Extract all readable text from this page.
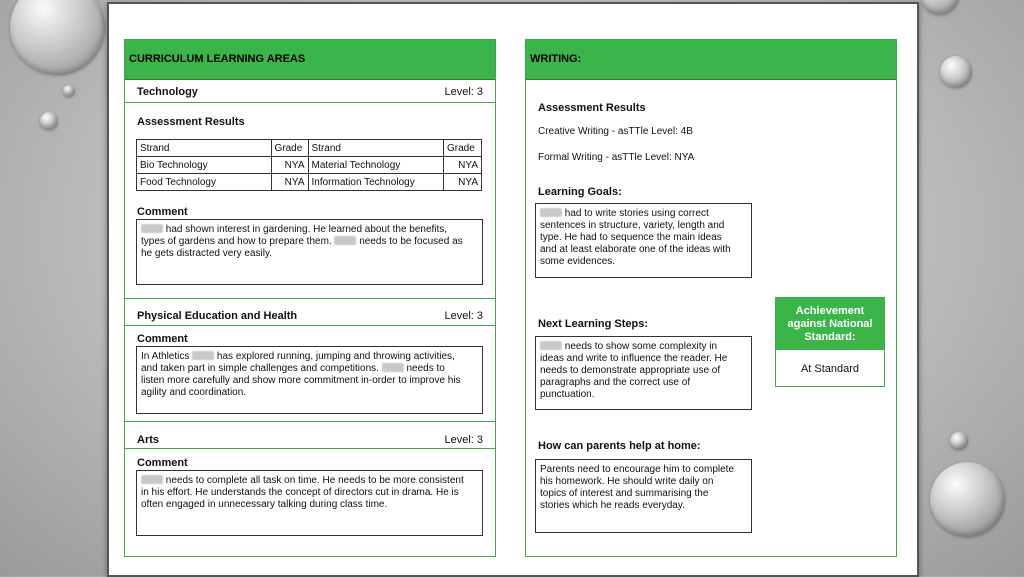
CURRICULUM LEARNING AREAS
Technology	Level: 3
Assessment Results
Strand	Grade	Strand	Grade
Bio Technology	NYA	Material Technology	NYA
Food Technology	NYA	Information Technology	NYA
Comment
had shown interest in gardening. He learned about the benefits,
types of gardens and how to prepare them.  needs to be focused as
he gets distracted very easily.
Physical Education and Health	Level: 3
Comment
In Athletics  has explored running, jumping and throwing activities,
and taken part in simple challenges and competitions.  needs to
listen more carefully and show more commitment in-order to improve his
agility and coordination.
Arts	Level: 3
Comment
needs to complete all task on time. He needs to be more consistent
in his effort. He understands the concept of directors cut in drama. He is
often engaged in unnecessary talking during class time.
WRITING:
Assessment Results
Creative Writing - asTTle Level: 4B
Formal Writing - asTTle Level: NYA
Learning Goals:
had to write stories using correct
sentences in structure, variety, length and
type. He had to sequence the main ideas
and at least elaborate one of the ideas with
some evidences.
Next Learning Steps:
needs to show some complexity in
ideas and write to influence the reader. He
needs to demonstrate appropriate use of
paragraphs and the correct use of
punctuation.
How can parents help at home:
Parents need to encourage him to complete
his homework. He should write daily on
topics of interest and summarising the
stories which he reads everyday.
Achievement against National Standard:
At Standard
